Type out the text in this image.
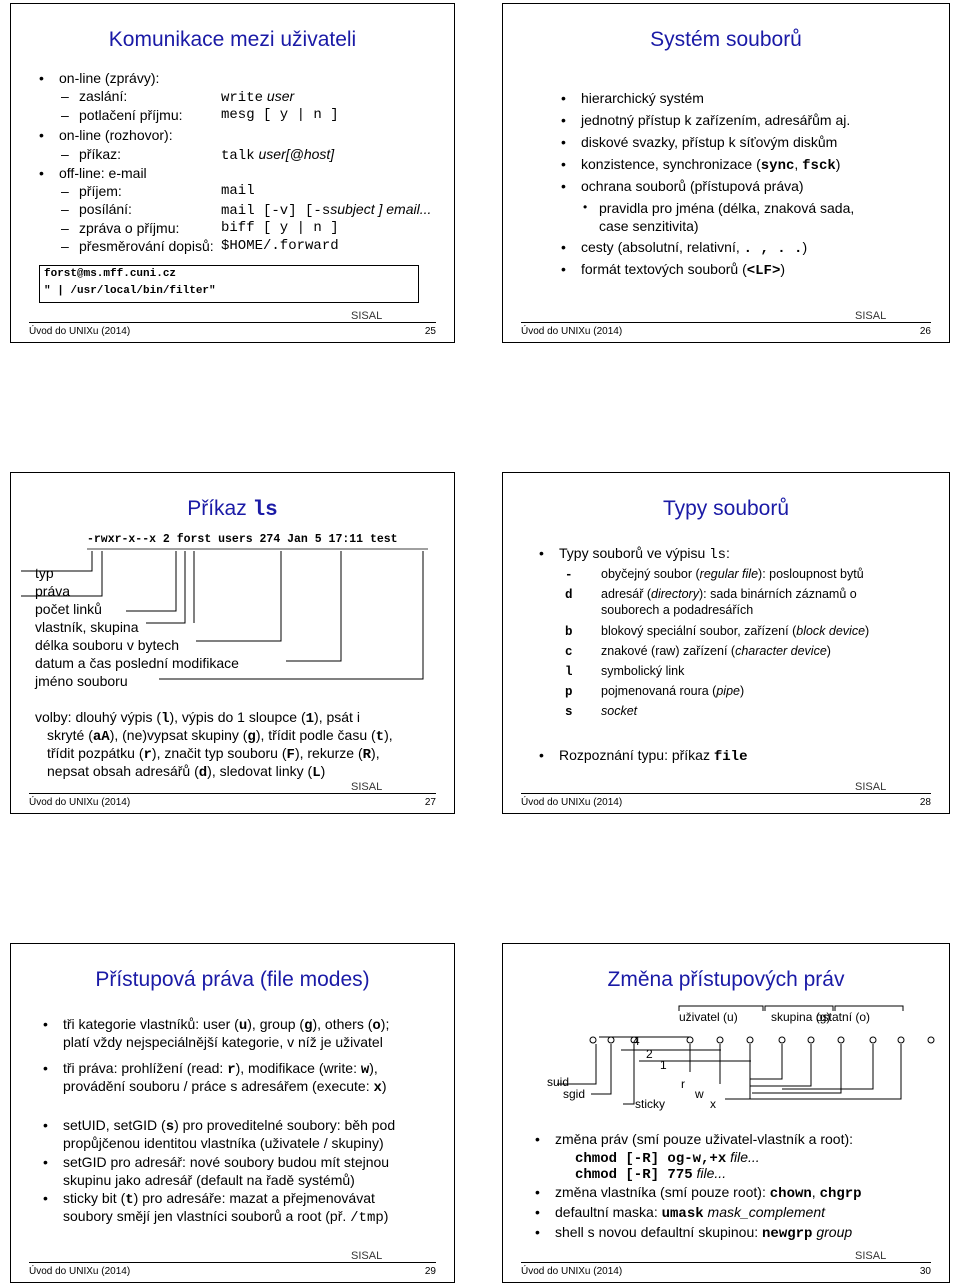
Komunikace mezi uživateli
• on-line (zprávy):
– zaslání:	write user
– potlačení příjmu:	mesg [ y | n ]
• on-line (rozhovor):
– příkaz:	talk user[@host]
• off-line: e-mail
– příjem:	mail
– posílání:	mail [-v] [-ssubject ] email...
– zpráva o příjmu:	biff [ y | n ]
– přesměrování dopisů: $HOME/.forward
forst@ms.mff.cuni.cz
" | /usr/local/bin/filter"
Úvod do UNIXu (2014)
SISAL
25
Systém souborů
• hierarchický systém
• jednotný přístup k zařízením, adresářům aj.
• diskové svazky, přístup k síťovým diskům
• konzistence, synchronizace (sync, fsck)
• ochrana souborů (přístupová práva)
• pravidla pro jména (délka, znaková sada,
case senzitivita)
• cesty (absolutní, relativní, . , . .)
• formát textových souborů (<LF>)
Úvod do UNIXu (2014)
SISAL
26
Příkaz ls
-rwxr-x--x 2 forst users 274 Jan 5 17:11 test
typ
práva
počet linků
vlastník, skupina
délka souboru v bytech
datum a čas poslední modifikace
jméno souboru
volby: dlouhý výpis (l), výpis do 1 sloupce (1), psát i
skryté (aA), (ne)vypsat skupiny (g), třídit podle času (t),
třídit pozpátku (r), značit typ souboru (F), rekurze (R),
nepsat obsah adresářů (d), sledovat linky (L)
Úvod do UNIXu (2014)
SISAL
27
Typy souborů
• Typy souborů ve výpisu ls:
- obyčejný soubor (regular file): posloupnost bytů
d adresář (directory): sada binárních záznamů o
souborech a podadresářích
b blokový speciální soubor, zařízení (block device)
c znakové (raw) zařízení (character device)
l symbolický link
p pojmenovaná roura (pipe)
s socket
• Rozpoznání typu: příkaz file
Úvod do UNIXu (2014)
SISAL
28
Přístupová práva (file modes)
• tři kategorie vlastníků: user (u), group (g), others (o);
platí vždy nejspeciálnější kategorie, v níž je uživatel
• tři práva: prohlížení (read: r), modifikace (write: w),
provádění souboru / práce s adresářem (execute: x)
• setUID, setGID (s) pro proveditelné soubory: běh pod
propůjčenou identitou vlastníka (uživatele / skupiny)
• setGID pro adresář: nové soubory budou mít stejnou
skupinu jako adresář (default na řadě systémů)
• sticky bit (t) pro adresáře: mazat a přejmenovávat
soubory smějí jen vlastníci souborů a root (př. /tmp)
Úvod do UNIXu (2014)
SISAL
29
Změna přístupových práv
uživatel (u)	skupina (g)
ostatní (o)
4
2
1
suid
sgid
sticky
r
w
x
• změna práv (smí pouze uživatel-vlastník a root):
chmod [-R] og-w,+x file...
chmod [-R] 775 file...
• změna vlastníka (smí pouze root): chown, chgrp
• defaultní maska: umask mask_complement
• shell s novou defaultní skupinou: newgrp group
Úvod do UNIXu (2014)
SISAL
30
